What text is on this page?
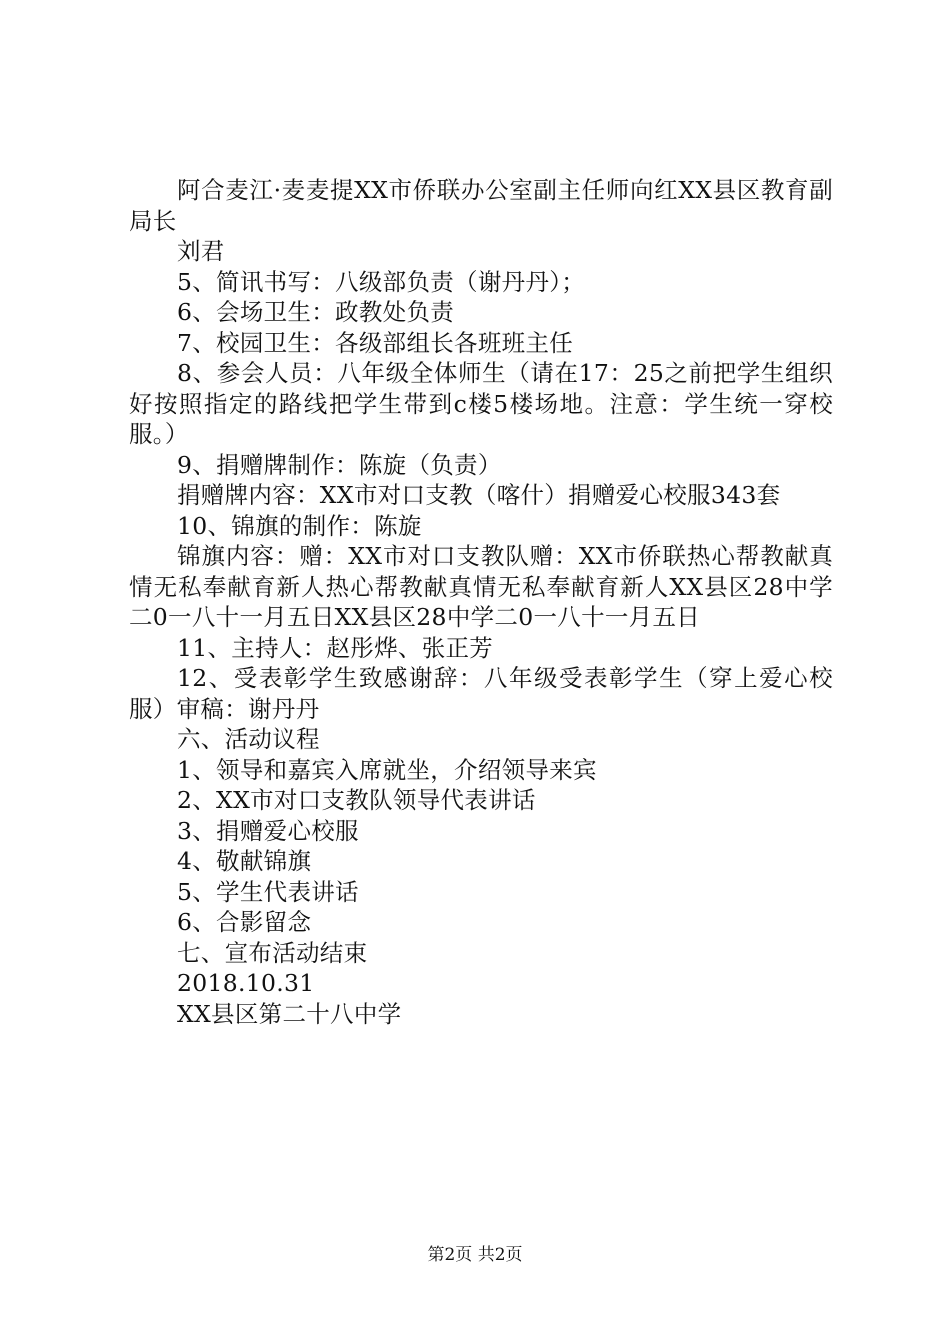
阿合麦江·麦麦提XX市侨联办公室副主任师向红XX县区教育副局长

刘君

5、简讯书写：八级部负责（谢丹丹）；

6、会场卫生：政教处负责

7、校园卫生：各级部组长各班班主任

8、参会人员：八年级全体师生（请在17：25之前把学生组织好按照指定的路线把学生带到c楼5楼场地。注意：学生统一穿校服。）

9、捐赠牌制作：陈旋（负责）

捐赠牌内容：XX市对口支教（喀什）捐赠爱心校服343套

10、锦旗的制作：陈旋

锦旗内容：赠：XX市对口支教队赠：XX市侨联热心帮教献真情无私奉献育新人热心帮教献真情无私奉献育新人XX县区28中学二0一八十一月五日XX县区28中学二0一八十一月五日

11、主持人：赵彤烨、张正芳

12、受表彰学生致感谢辞：八年级受表彰学生（穿上爱心校服）审稿：谢丹丹

六、活动议程

1、领导和嘉宾入席就坐，介绍领导来宾

2、XX市对口支教队领导代表讲话

3、捐赠爱心校服

4、敬献锦旗

5、学生代表讲话

6、合影留念

七、宣布活动结束

2018.10.31

XX县区第二十八中学

第2页 共2页
